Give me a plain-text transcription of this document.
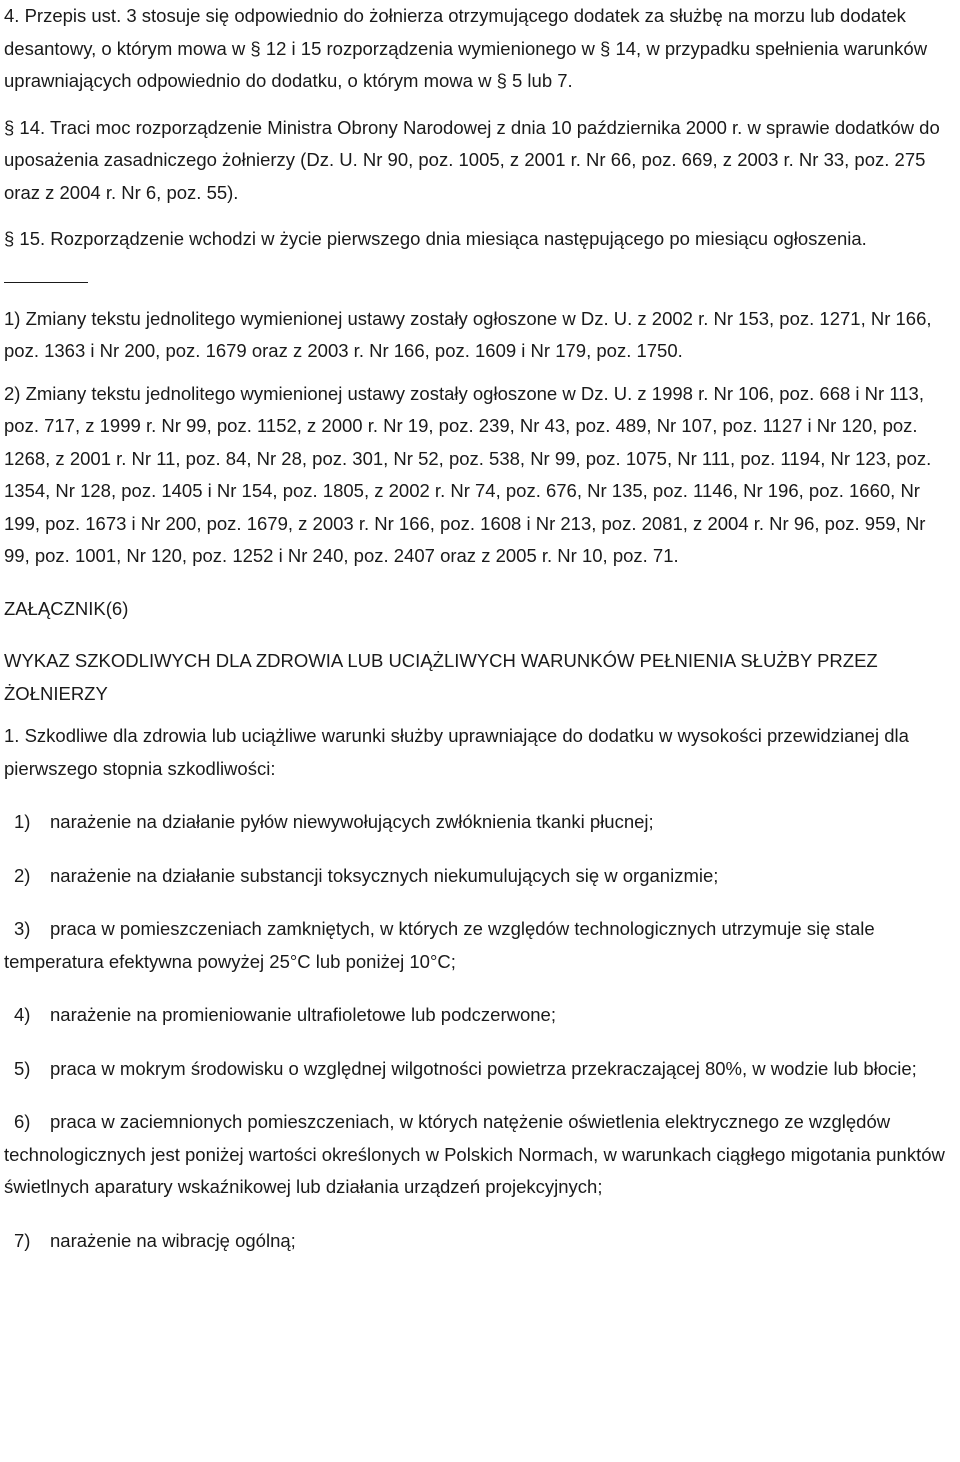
4. Przepis ust. 3 stosuje się odpowiednio do żołnierza otrzymującego dodatek za służbę na morzu lub dodatek desantowy, o którym mowa w § 12 i 15 rozporządzenia wymienionego w § 14, w przypadku spełnienia warunków uprawniających odpowiednio do dodatku, o którym mowa w § 5 lub 7.

§ 14. Traci moc rozporządzenie Ministra Obrony Narodowej z dnia 10 października 2000 r. w sprawie dodatków do uposażenia zasadniczego żołnierzy (Dz. U. Nr 90, poz. 1005, z 2001 r. Nr 66, poz. 669, z 2003 r. Nr 33, poz. 275 oraz z 2004 r. Nr 6, poz. 55).

§ 15. Rozporządzenie wchodzi w życie pierwszego dnia miesiąca następującego po miesiącu ogłoszenia.

1) Zmiany tekstu jednolitego wymienionej ustawy zostały ogłoszone w Dz. U. z 2002 r. Nr 153, poz. 1271, Nr 166, poz. 1363 i Nr 200, poz. 1679 oraz z 2003 r. Nr 166, poz. 1609 i Nr 179, poz. 1750.

2) Zmiany tekstu jednolitego wymienionej ustawy zostały ogłoszone w Dz. U. z 1998 r. Nr 106, poz. 668 i Nr 113, poz. 717, z 1999 r. Nr 99, poz. 1152, z 2000 r. Nr 19, poz. 239, Nr 43, poz. 489, Nr 107, poz. 1127 i Nr 120, poz. 1268, z 2001 r. Nr 11, poz. 84, Nr 28, poz. 301, Nr 52, poz. 538, Nr 99, poz. 1075, Nr 111, poz. 1194, Nr 123, poz. 1354, Nr 128, poz. 1405 i Nr 154, poz. 1805, z 2002 r. Nr 74, poz. 676, Nr 135, poz. 1146, Nr 196, poz. 1660, Nr 199, poz. 1673 i Nr 200, poz. 1679, z 2003 r. Nr 166, poz. 1608 i Nr 213, poz. 2081, z 2004 r. Nr 96, poz. 959, Nr 99, poz. 1001, Nr 120, poz. 1252 i Nr 240, poz. 2407 oraz z 2005 r. Nr 10, poz. 71.

ZAŁĄCZNIK(6)

WYKAZ SZKODLIWYCH DLA ZDROWIA LUB UCIĄŻLIWYCH WARUNKÓW PEŁNIENIA SŁUŻBY PRZEZ ŻOŁNIERZY

1. Szkodliwe dla zdrowia lub uciążliwe warunki służby uprawniające do dodatku w wysokości przewidzianej dla pierwszego stopnia szkodliwości:

1) narażenie na działanie pyłów niewywołujących zwłóknienia tkanki płucnej;

2) narażenie na działanie substancji toksycznych niekumulujących się w organizmie;

3) praca w pomieszczeniach zamkniętych, w których ze względów technologicznych utrzymuje się stale temperatura efektywna powyżej 25°C lub poniżej 10°C;

4) narażenie na promieniowanie ultrafioletowe lub podczerwone;

5) praca w mokrym środowisku o względnej wilgotności powietrza przekraczającej 80%, w wodzie lub błocie;

6) praca w zaciemnionych pomieszczeniach, w których natężenie oświetlenia elektrycznego ze względów technologicznych jest poniżej wartości określonych w Polskich Normach, w warunkach ciągłego migotania punktów świetlnych aparatury wskaźnikowej lub działania urządzeń projekcyjnych;

7) narażenie na wibrację ogólną;
